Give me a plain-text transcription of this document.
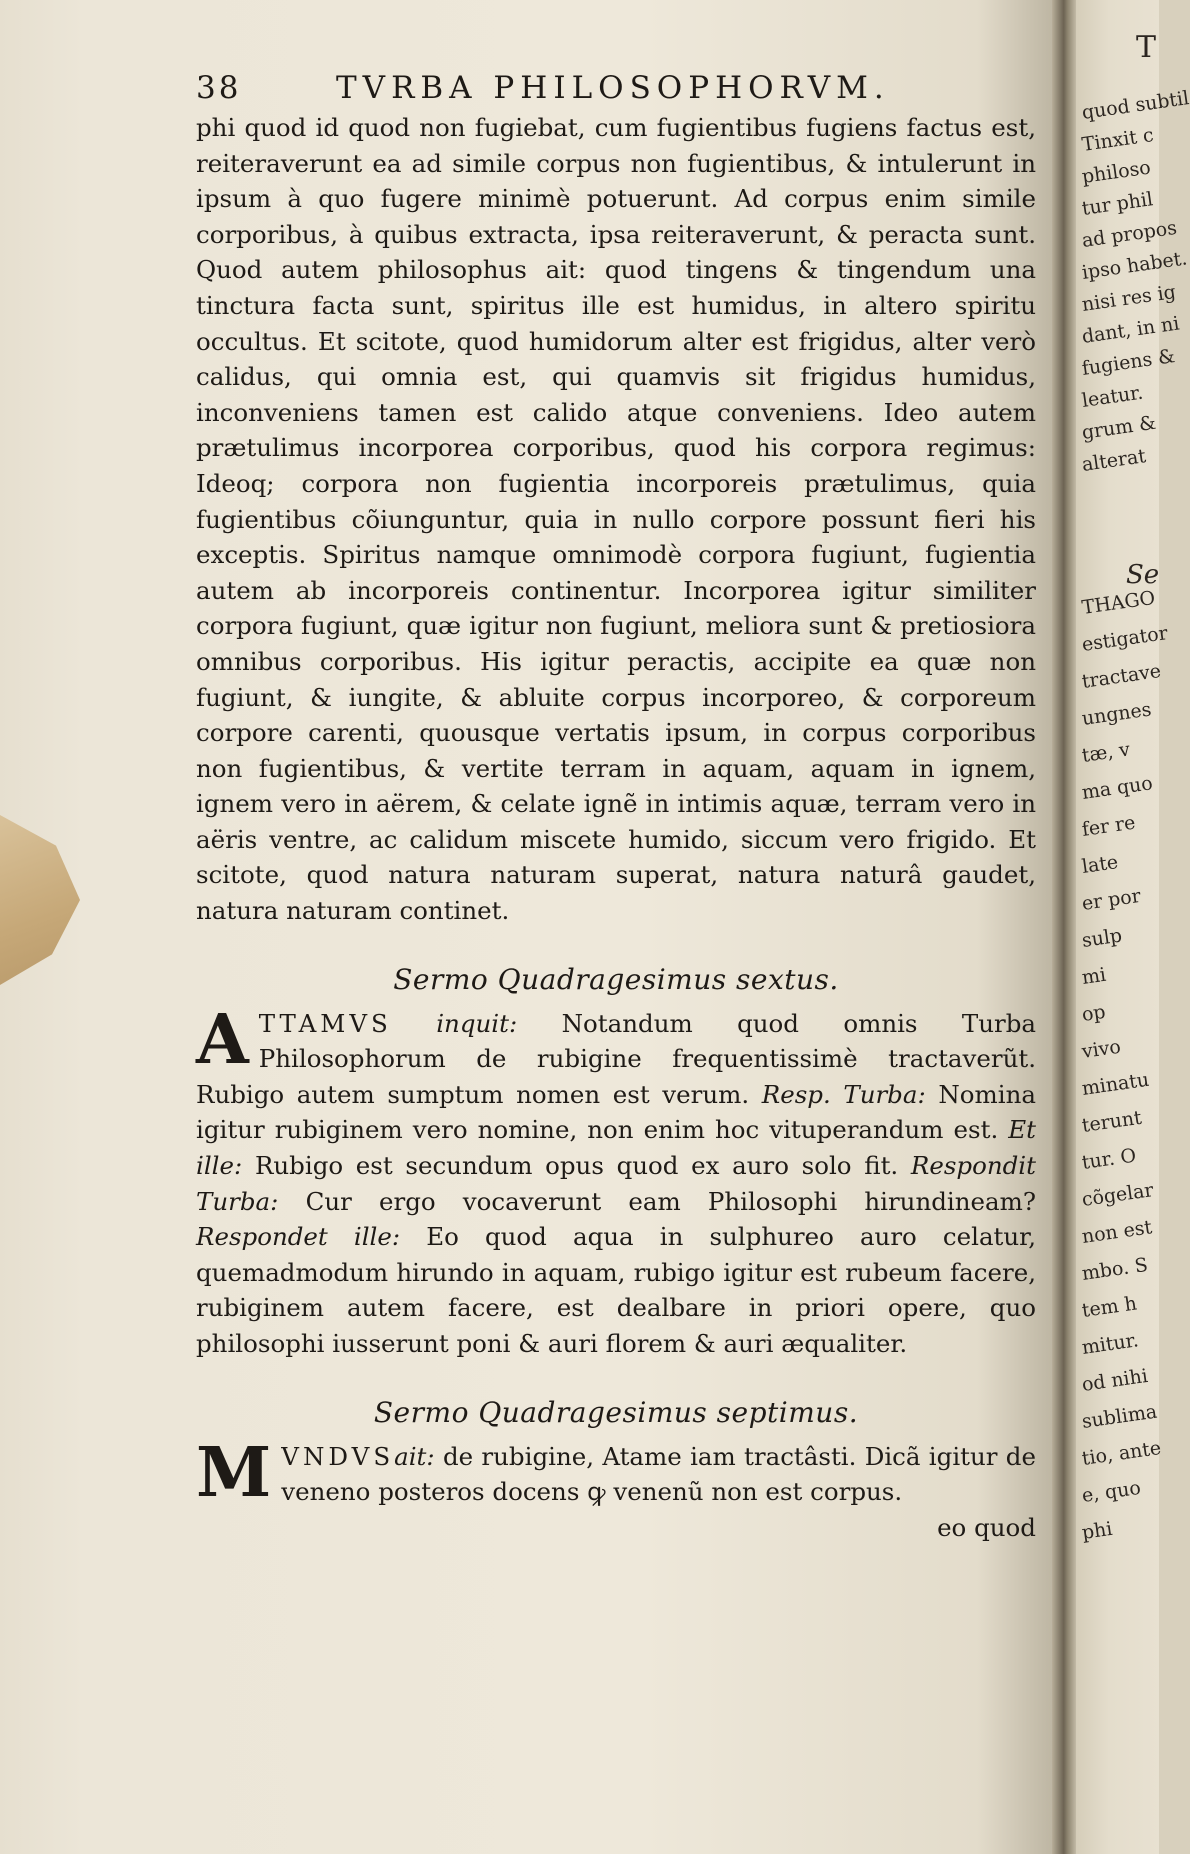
T
quod subtil
Tinxit c
philoso
tur phil
ad propos
ipso habet.
nisi res ig
dant, in ni
fugiens &
leatur.
grum &
alterat
Se
THAGO
estigator
tractave
ungnes
tæ, v
ma quo
fer re
late
er por
sulp
mi
op
vivo
minatu
terunt
tur. O
cõgelar
non est
mbo. S
tem h
mitur.
od nihi
sublima
tio, ante
e, quo
phi
38	TVRBA PHILOSOPHORVM.

phi quod id quod non fugiebat, cum fugientibus fugiens factus est, reiteraverunt ea ad simile corpus non fugientibus, & intulerunt in ipsum à quo fugere minimè potuerunt. Ad corpus enim simile corporibus, à quibus extracta, ipsa reiteraverunt, & peracta sunt. Quod autem philosophus ait: quod tingens & tingendum una tinctura facta sunt, spiritus ille est humidus, in altero spiritu occultus. Et scitote, quod humidorum alter est frigidus, alter verò calidus, qui omnia est, qui quamvis sit frigidus humidus, inconveniens tamen est calido atque conveniens. Ideo autem prætulimus incorporea corporibus, quod his corpora regimus: Ideoq; corpora non fugientia incorporeis prætulimus, quia fugientibus cõiunguntur, quia in nullo corpore possunt fieri his exceptis. Spiritus namque omnimodè corpora fugiunt, fugientia autem ab incorporeis continentur. Incorporea igitur similiter corpora fugiunt, quæ igitur non fugiunt, meliora sunt & pretiosiora omnibus corporibus. His igitur peractis, accipite ea quæ non fugiunt, & iungite, & abluite corpus incorporeo, & corporeum corpore carenti, quousque vertatis ipsum, in corpus corporibus non fugientibus, & vertite terram in aquam, aquam in ignem, ignem vero in aërem, & celate ignẽ in intimis aquæ, terram vero in aëris ventre, ac calidum miscete humido, siccum vero frigido. Et scitote, quod natura naturam superat, natura naturâ gaudet, natura naturam continet.

Sermo Quadragesimus sextus.

ATTAMVS inquit: Notandum quod omnis Turba Philosophorum de rubigine frequentissimè tractaverũt. Rubigo autem sumptum nomen est verum. Resp. Turba: Nomina igitur rubiginem vero nomine, non enim hoc vituperandum est. Et ille: Rubigo est secundum opus quod ex auro solo fit. Respondit Turba: Cur ergo vocaverunt eam Philosophi hirundineam? Respondet ille: Eo quod aqua in sulphureo auro celatur, quemadmodum hirundo in aquam, rubigo igitur est rubeum facere, rubiginem autem facere, est dealbare in priori opere, quo philosophi iusserunt poni & auri florem & auri æqualiter.

Sermo Quadragesimus septimus.

MVNDVSait: de rubigine, Atame iam tractâsti. Dicã igitur de veneno posteros docens ꝙ venenũ non est corpus.

eo quod
